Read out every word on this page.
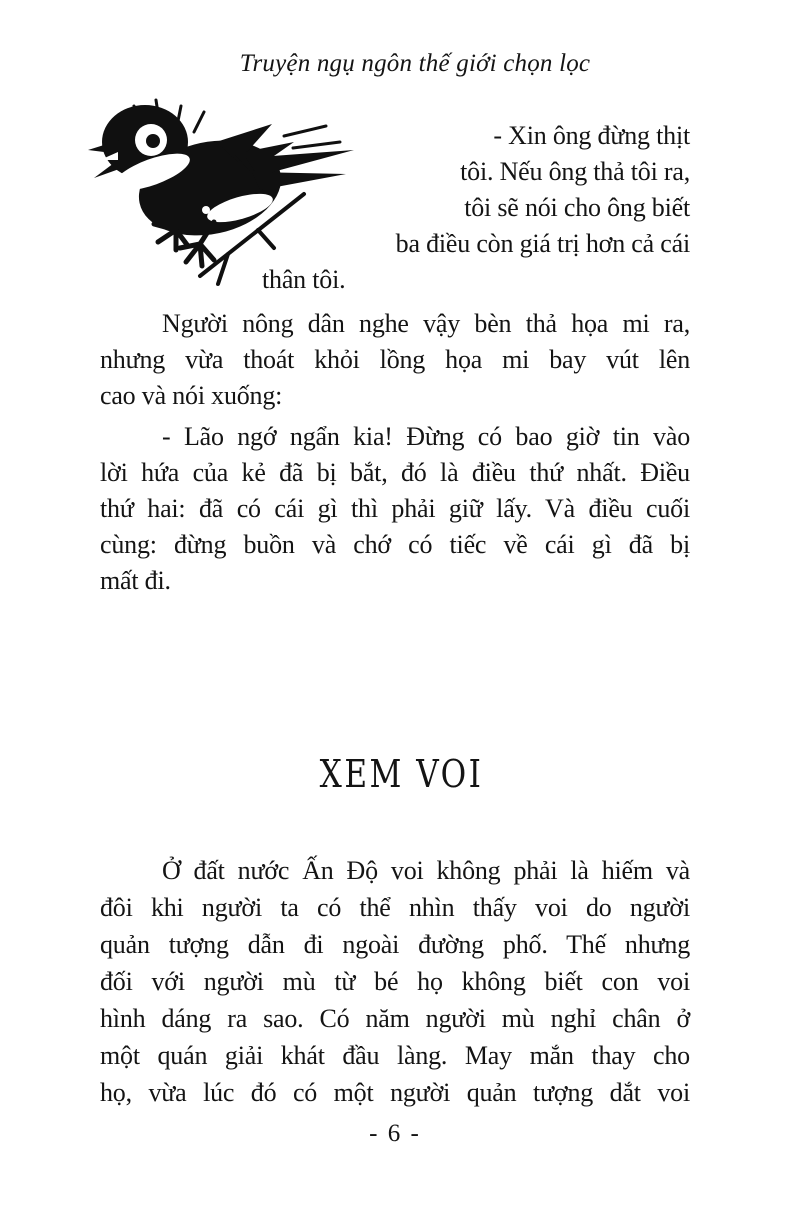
Truyện ngụ ngôn thế giới chọn lọc
- Xin ông đừng thịt
tôi. Nếu ông thả tôi ra,
tôi sẽ nói cho ông biết
ba điều còn giá trị hơn cả cái
thân tôi.
Người nông dân nghe vậy bèn thả họa mi ra,
nhưng vừa thoát khỏi lồng họa mi bay vút lên
cao và nói xuống:
- Lão ngớ ngẩn kia! Đừng có bao giờ tin vào
lời hứa của kẻ đã bị bắt, đó là điều thứ nhất. Điều
thứ hai: đã có cái gì thì phải giữ lấy. Và điều cuối
cùng: đừng buồn và chớ có tiếc về cái gì đã bị
mất đi.
XEM VOI
Ở đất nước Ấn Độ voi không phải là hiếm và
đôi khi người ta có thể nhìn thấy voi do người
quản tượng dẫn đi ngoài đường phố. Thế nhưng
đối với người mù từ bé họ không biết con voi
hình dáng ra sao. Có năm người mù nghỉ chân ở
một quán giải khát đầu làng. May mắn thay cho
họ, vừa lúc đó có một người quản tượng dắt voi
- 6 -
